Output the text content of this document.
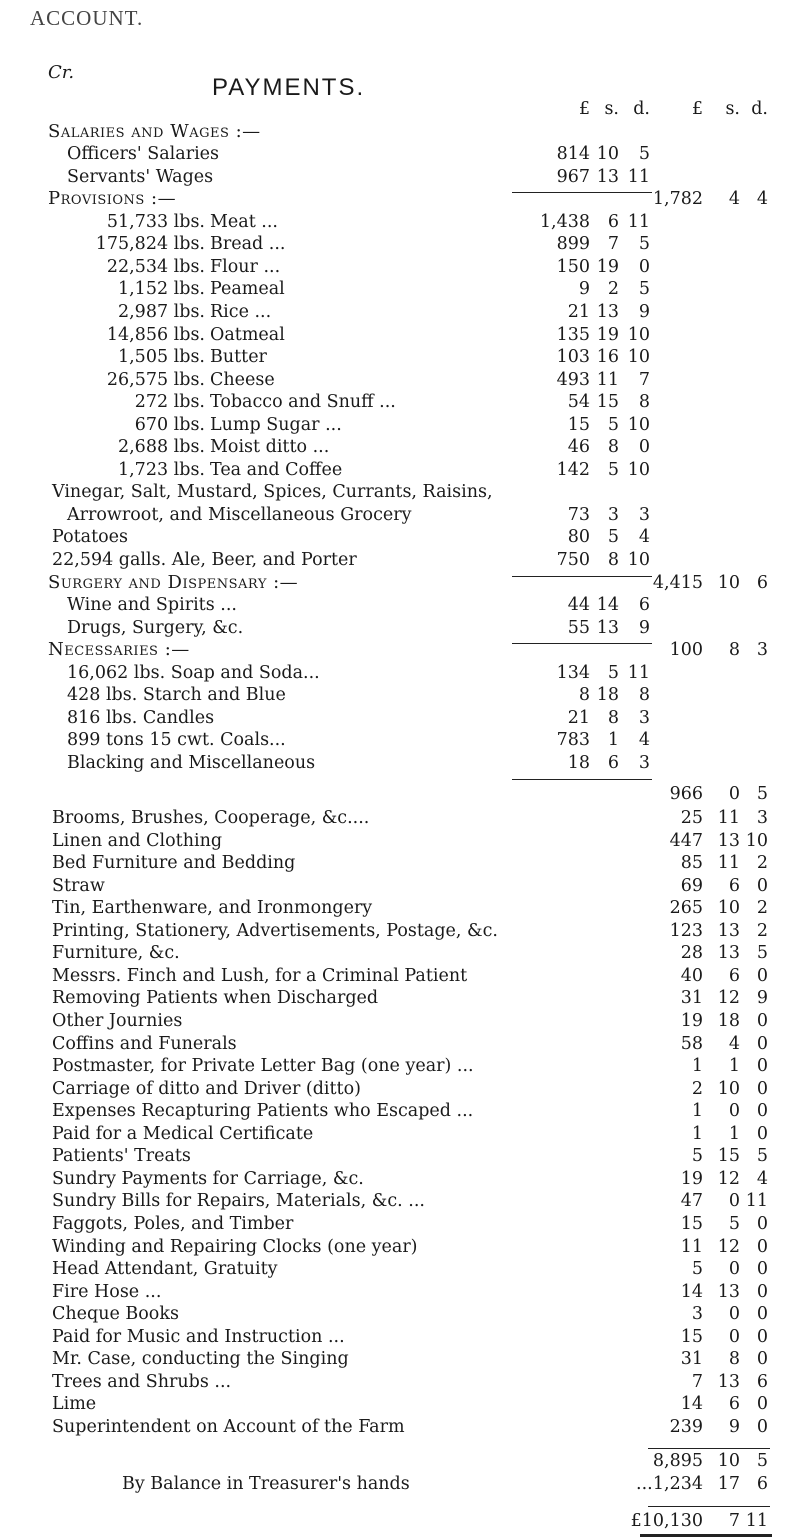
ACCOUNT.
Cr.
PAYMENTS.
£ s. d. £ s. d.
Salaries and Wages :—
Officers' Salaries	814 10 5
Servants' Wages	967 13 11
1,782 4 4
Provisions :—
51,733 lbs. Meat ...	1,438 6 11
175,824 lbs. Bread ...	899 7 5
22,534 lbs. Flour ...	150 19 0
1,152 lbs. Peameal	9 2 5
2,987 lbs. Rice ...	21 13 9
14,856 lbs. Oatmeal	135 19 10
1,505 lbs. Butter	103 16 10
26,575 lbs. Cheese	493 11 7
272 lbs. Tobacco and Snuff ...	54 15 8
670 lbs. Lump Sugar ...	15 5 10
2,688 lbs. Moist ditto ...	46 8 0
1,723 lbs. Tea and Coffee	142 5 10
Vinegar, Salt, Mustard, Spices, Currants, Raisins,
Arrowroot, and Miscellaneous Grocery	73 3 3
Potatoes	80 5 4
22,594 galls. Ale, Beer, and Porter	750 8 10
4,415 10 6
Surgery and Dispensary :—
Wine and Spirits ...	44 14 6
Drugs, Surgery, &c.	55 13 9
100 8 3
Necessaries :—
16,062 lbs. Soap and Soda...	134 5 11
428 lbs. Starch and Blue	8 18 8
816 lbs. Candles	21 8 3
899 tons 15 cwt. Coals...	783 1 4
Blacking and Miscellaneous	18 6 3
966 0 5
Brooms, Brushes, Cooperage, &c....	25 11 3
Linen and Clothing	447 13 10
Bed Furniture and Bedding	85 11 2
Straw	69 6 0
Tin, Earthenware, and Ironmongery	265 10 2
Printing, Stationery, Advertisements, Postage, &c.	123 13 2
Furniture, &c.	28 13 5
Messrs. Finch and Lush, for a Criminal Patient	40 6 0
Removing Patients when Discharged	31 12 9
Other Journies	19 18 0
Coffins and Funerals	58 4 0
Postmaster, for Private Letter Bag (one year) ...	1 1 0
Carriage of ditto and Driver (ditto)	2 10 0
Expenses Recapturing Patients who Escaped ...	1 0 0
Paid for a Medical Certificate	1 1 0
Patients' Treats	5 15 5
Sundry Payments for Carriage, &c.	19 12 4
Sundry Bills for Repairs, Materials, &c. ...	47 0 11
Faggots, Poles, and Timber	15 5 0
Winding and Repairing Clocks (one year)	11 12 0
Head Attendant, Gratuity	5 0 0
Fire Hose ...	14 13 0
Cheque Books	3 0 0
Paid for Music and Instruction ...	15 0 0
Mr. Case, conducting the Singing	31 8 0
Trees and Shrubs ...	7 13 6
Lime	14 6 0
Superintendent on Account of the Farm	239 9 0
8,895 10 5
By Balance in Treasurer's hands	... 1,234 17 6
£10,130 7 11
